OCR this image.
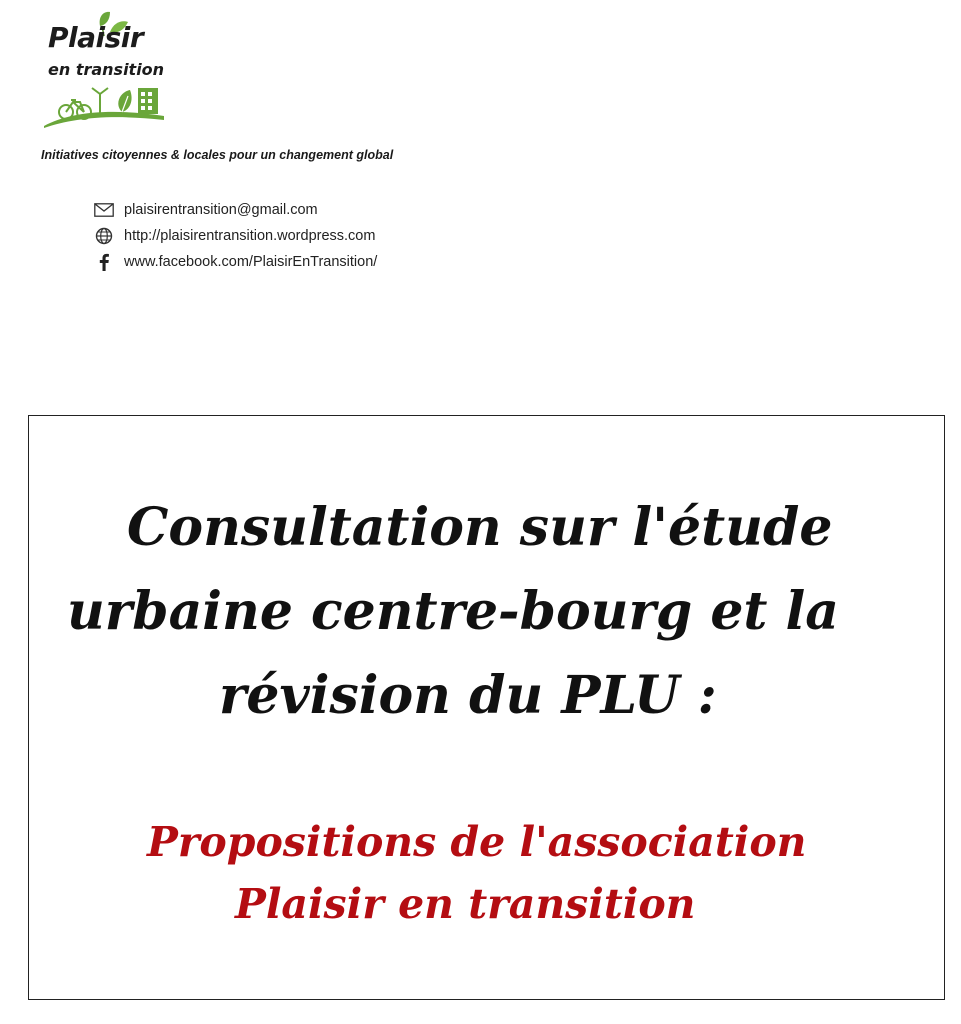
Plaisir
en transition
Initiatives citoyennes & locales pour un changement global
plaisirentransition@gmail.com
http://plaisirentransition.wordpress.com
www.facebook.com/PlaisirEnTransition/
Consultation sur l'étude
urbaine centre-bourg et la
révision du PLU :
Propositions de l'association
Plaisir en transition
